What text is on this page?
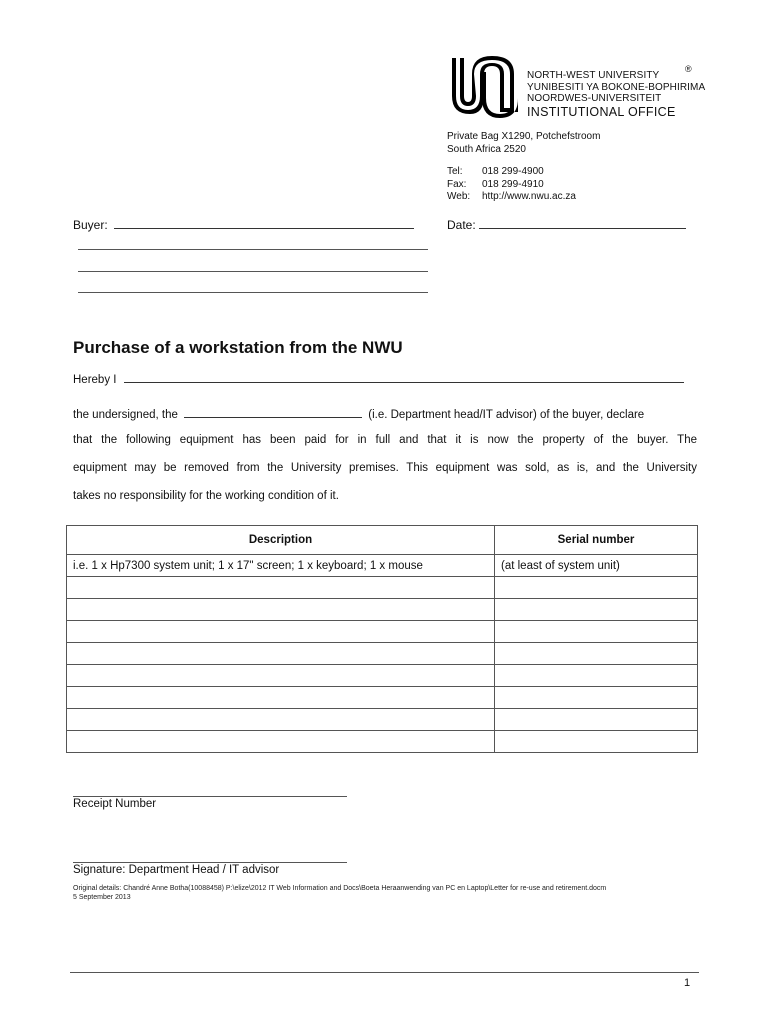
NORTH-WEST UNIVERSITY
YUNIBESITI YA BOKONE-BOPHIRIMA
NOORDWES-UNIVERSITEIT
INSTITUTIONAL OFFICE
®
Private Bag X1290, Potchefstroom
South Africa 2520
Tel:	018 299-4900
Fax:	018 299-4910
Web:	http://www.nwu.ac.za
Buyer:	Date:
Purchase of a workstation from the NWU
Hereby I
the undersigned, the	(i.e. Department head/IT advisor) of the buyer, declare
that the following equipment has been paid for in full and that it is now the property of the buyer. The
equipment may be removed from the University premises. This equipment was sold, as is, and the University
takes no responsibility for the working condition of it.
Description	Serial number
i.e. 1 x Hp7300 system unit; 1 x 17" screen; 1 x keyboard; 1 x mouse	(at least of system unit)

Receipt Number
Signature: Department Head / IT advisor
Original details: Chandré Anne Botha(10088458) P:\elize\2012 IT Web Information and Docs\Boeta Heraanwending van PC en Laptop\Letter for re-use and retirement.docm
5 September 2013
1
